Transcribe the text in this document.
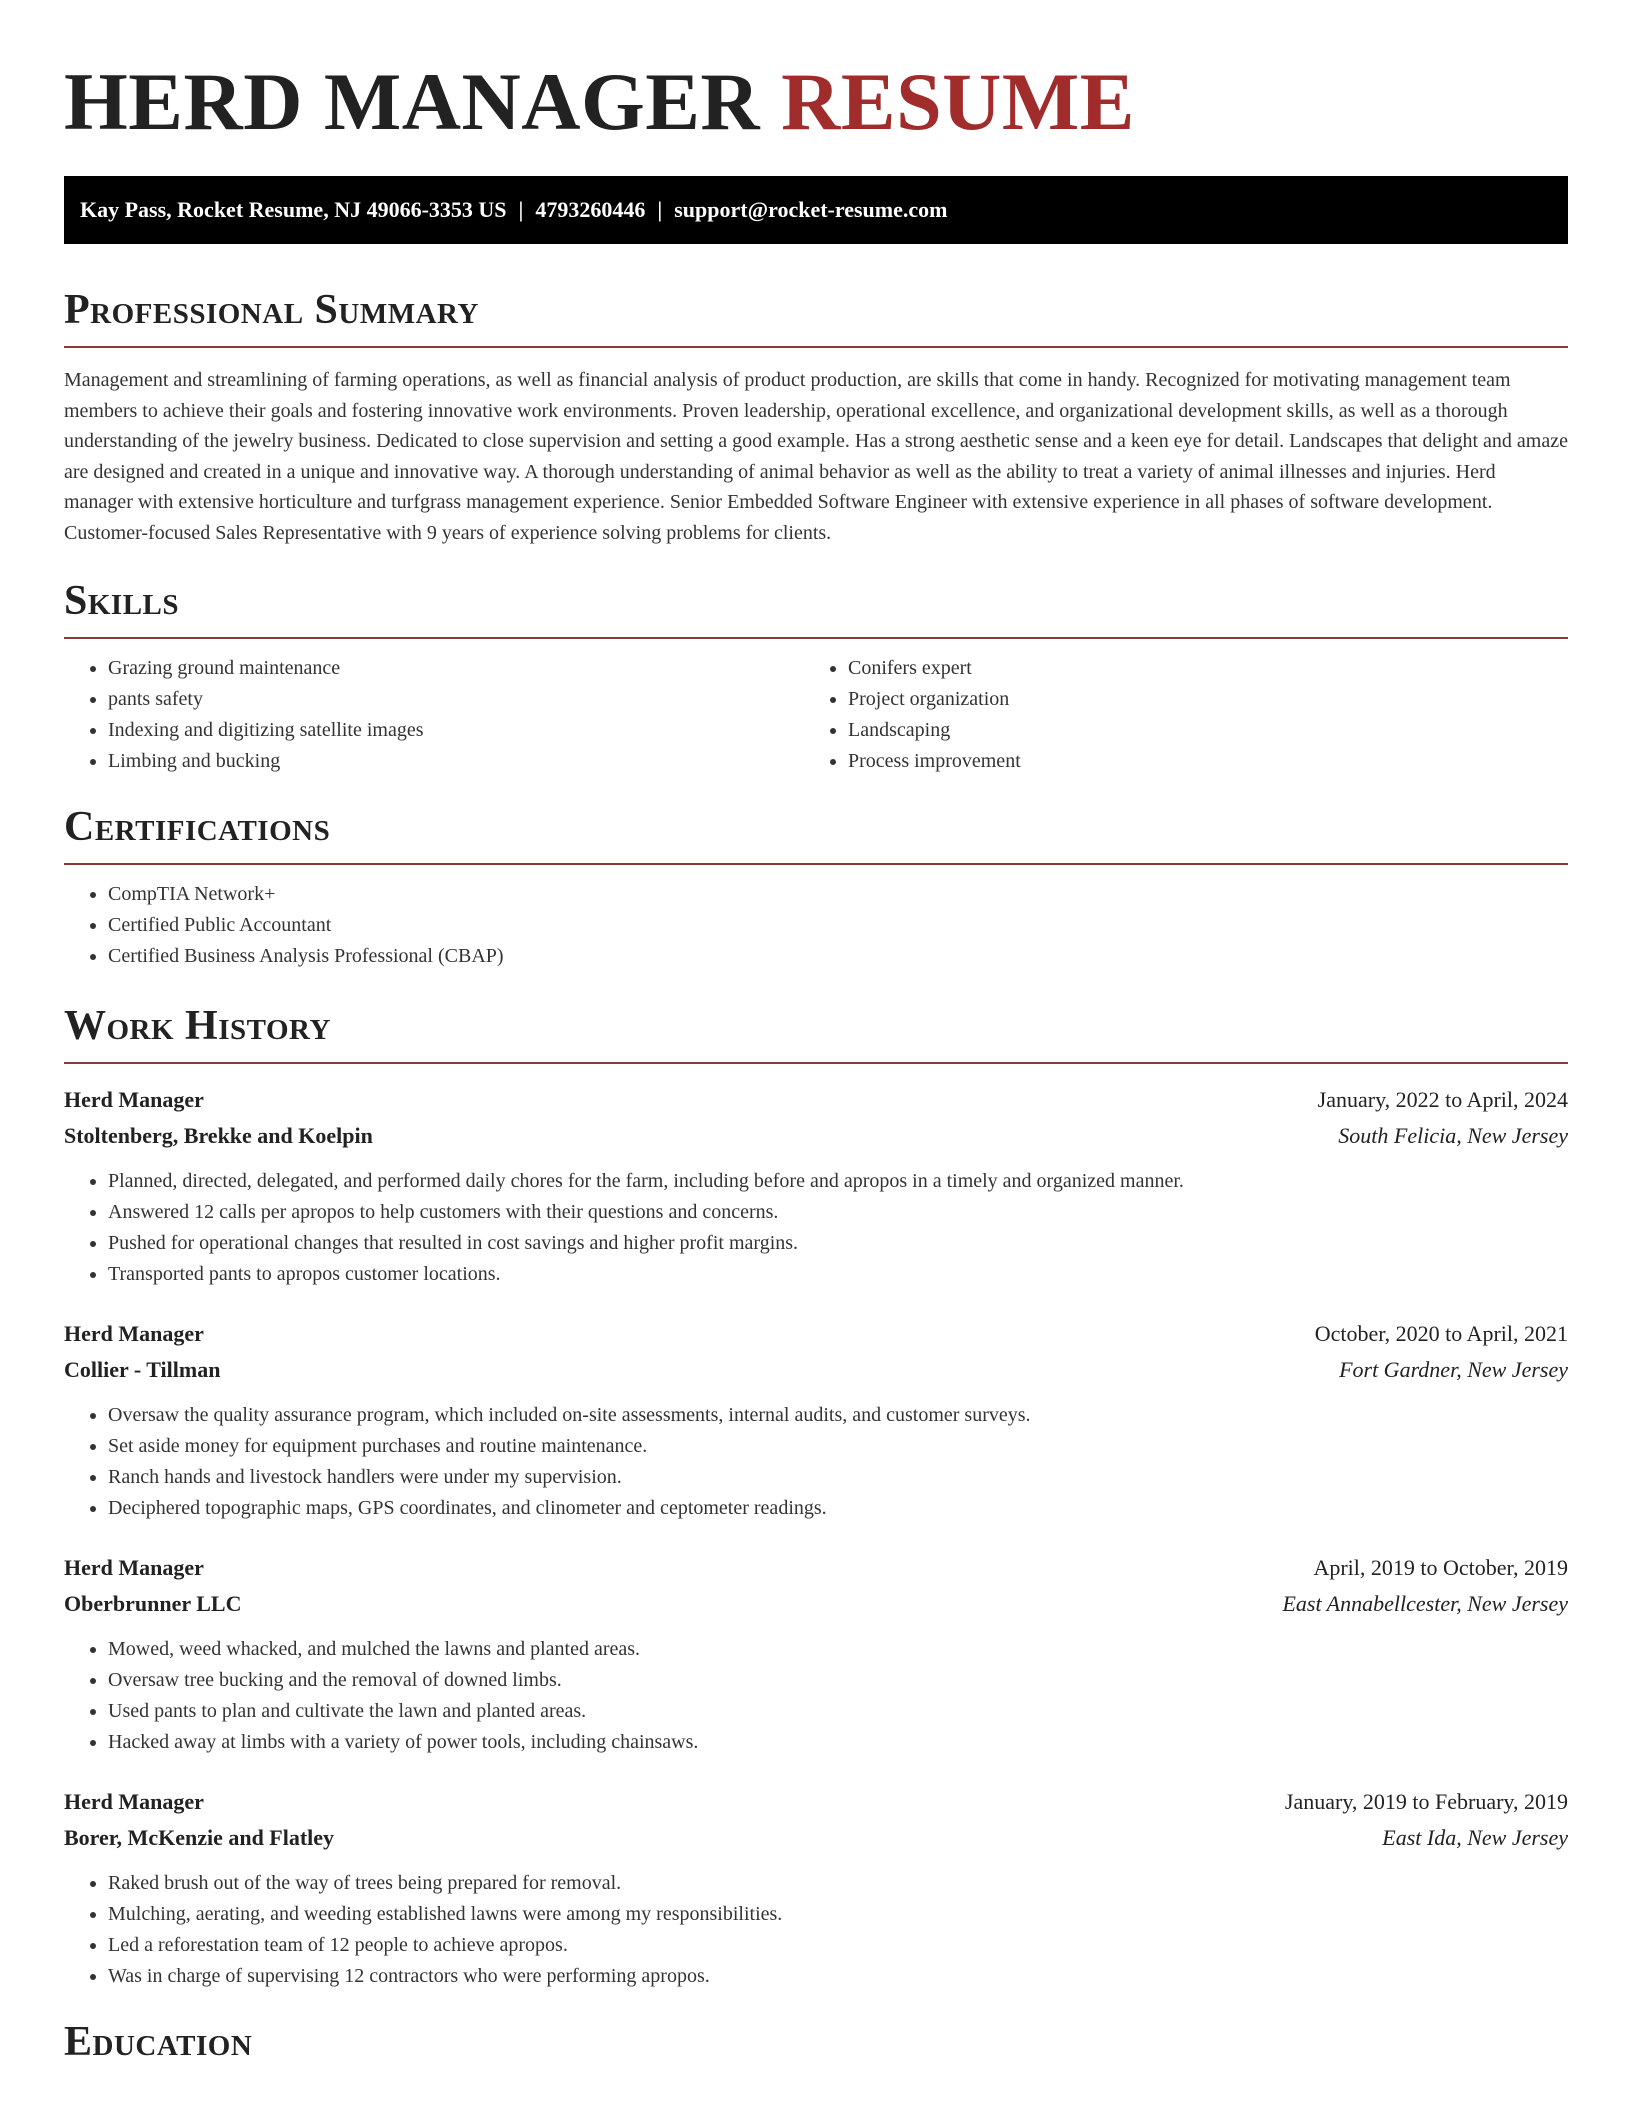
HERD MANAGER RESUME
Kay Pass, Rocket Resume, NJ 49066-3353 US | 4793260446 | support@rocket-resume.com
Professional Summary

Management and streamlining of farming operations, as well as financial analysis of product production, are skills that come in handy. Recognized for motivating management team members to achieve their goals and fostering innovative work environments. Proven leadership, operational excellence, and organizational development skills, as well as a thorough understanding of the jewelry business. Dedicated to close supervision and setting a good example. Has a strong aesthetic sense and a keen eye for detail. Landscapes that delight and amaze are designed and created in a unique and innovative way. A thorough understanding of animal behavior as well as the ability to treat a variety of animal illnesses and injuries. Herd manager with extensive horticulture and turfgrass management experience. Senior Embedded Software Engineer with extensive experience in all phases of software development. Customer-focused Sales Representative with 9 years of experience solving problems for clients.

Skills
• Grazing ground maintenance
• pants safety
• Indexing and digitizing satellite images
• Limbing and bucking
• Conifers expert
• Project organization
• Landscaping
• Process improvement
Certifications
• CompTIA Network+
• Certified Public Accountant
• Certified Business Analysis Professional (CBAP)
Work History
Herd Manager	January, 2022 to April, 2024
Stoltenberg, Brekke and Koelpin	South Felicia, New Jersey
• Planned, directed, delegated, and performed daily chores for the farm, including before and apropos in a timely and organized manner.
• Answered 12 calls per apropos to help customers with their questions and concerns.
• Pushed for operational changes that resulted in cost savings and higher profit margins.
• Transported pants to apropos customer locations.
Herd Manager	October, 2020 to April, 2021
Collier - Tillman	Fort Gardner, New Jersey
• Oversaw the quality assurance program, which included on-site assessments, internal audits, and customer surveys.
• Set aside money for equipment purchases and routine maintenance.
• Ranch hands and livestock handlers were under my supervision.
• Deciphered topographic maps, GPS coordinates, and clinometer and ceptometer readings.
Herd Manager	April, 2019 to October, 2019
Oberbrunner LLC	East Annabellcester, New Jersey
• Mowed, weed whacked, and mulched the lawns and planted areas.
• Oversaw tree bucking and the removal of downed limbs.
• Used pants to plan and cultivate the lawn and planted areas.
• Hacked away at limbs with a variety of power tools, including chainsaws.
Herd Manager	January, 2019 to February, 2019
Borer, McKenzie and Flatley	East Ida, New Jersey
• Raked brush out of the way of trees being prepared for removal.
• Mulching, aerating, and weeding established lawns were among my responsibilities.
• Led a reforestation team of 12 people to achieve apropos.
• Was in charge of supervising 12 contractors who were performing apropos.
Education
